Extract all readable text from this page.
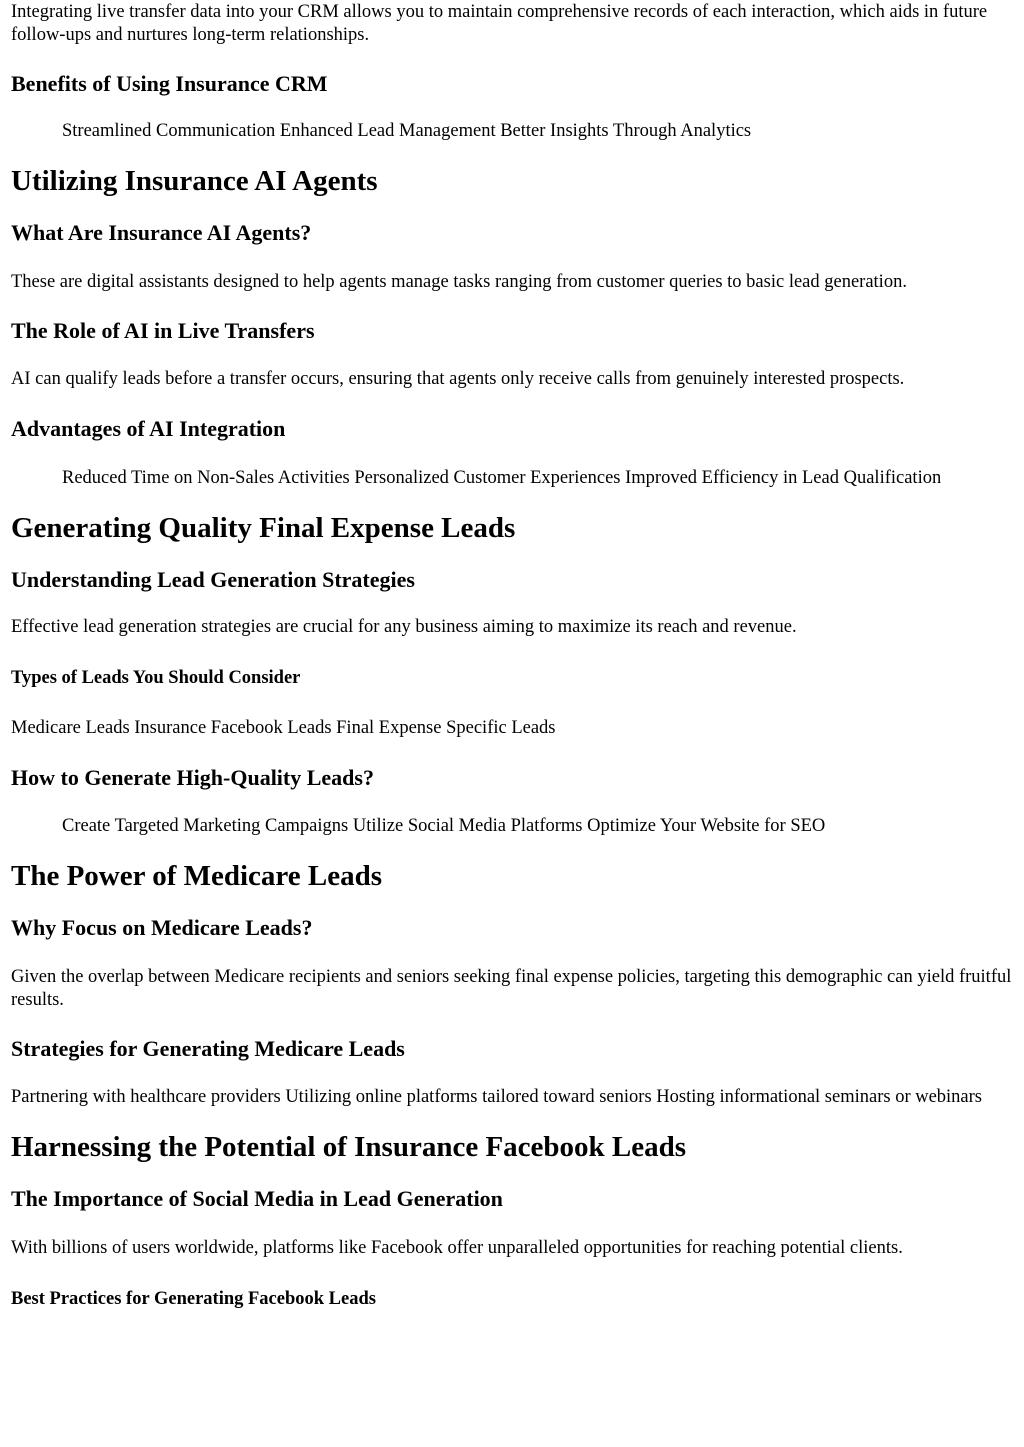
Integrating live transfer data into your CRM allows you to maintain comprehensive records of each interaction, which aids in future follow-ups and nurtures long-term relationships.

Benefits of Using Insurance CRM

Streamlined Communication Enhanced Lead Management Better Insights Through Analytics

Utilizing Insurance AI Agents
What Are Insurance AI Agents?

These are digital assistants designed to help agents manage tasks ranging from customer queries to basic lead generation.

The Role of AI in Live Transfers

AI can qualify leads before a transfer occurs, ensuring that agents only receive calls from genuinely interested prospects.

Advantages of AI Integration

Reduced Time on Non-Sales Activities Personalized Customer Experiences Improved Efficiency in Lead Qualification

Generating Quality Final Expense Leads
Understanding Lead Generation Strategies

Effective lead generation strategies are crucial for any business aiming to maximize its reach and revenue.

Types of Leads You Should Consider

Medicare Leads Insurance Facebook Leads Final Expense Specific Leads

How to Generate High-Quality Leads?

Create Targeted Marketing Campaigns Utilize Social Media Platforms Optimize Your Website for SEO

The Power of Medicare Leads
Why Focus on Medicare Leads?

Given the overlap between Medicare recipients and seniors seeking final expense policies, targeting this demographic can yield fruitful results.

Strategies for Generating Medicare Leads

Partnering with healthcare providers Utilizing online platforms tailored toward seniors Hosting informational seminars or webinars

Harnessing the Potential of Insurance Facebook Leads
The Importance of Social Media in Lead Generation

With billions of users worldwide, platforms like Facebook offer unparalleled opportunities for reaching potential clients.

Best Practices for Generating Facebook Leads
